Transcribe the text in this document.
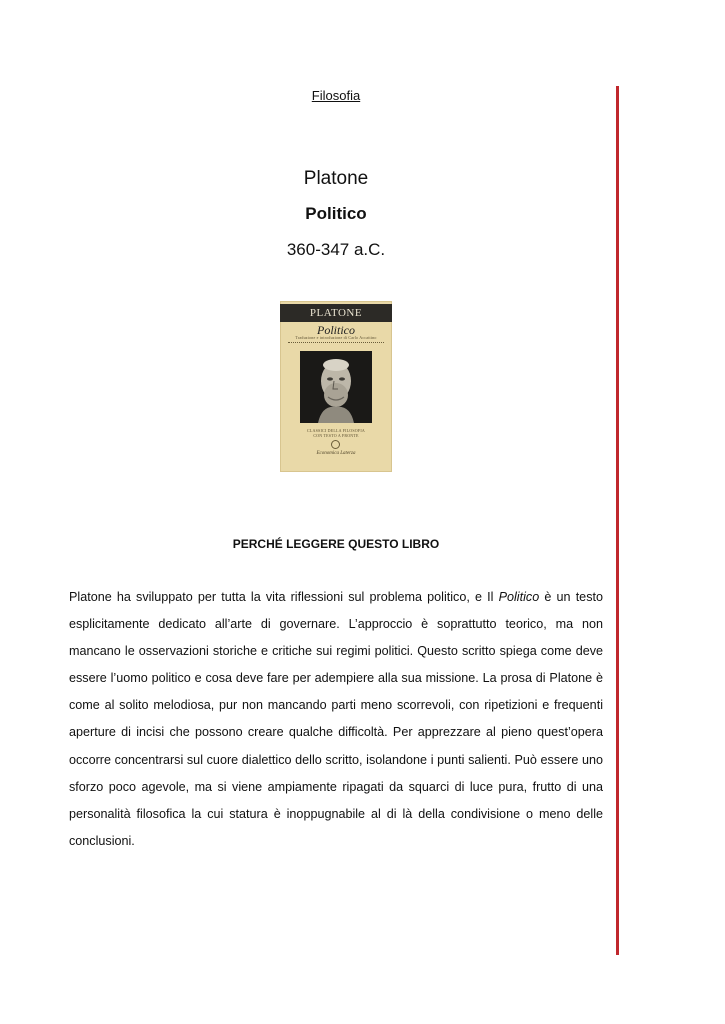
Filosofia
Platone
Politico
360-347 a.C.
PLATONE
Politico
Traduzione e introduzione di Carlo Accattino
CLASSICI DELLA FILOSOFIA
CON TESTO A FRONTE
Economica Laterza
PERCHÉ LEGGERE QUESTO LIBRO

Platone ha sviluppato per tutta la vita riflessioni sul problema politico, e Il Politico è un testo esplicitamente dedicato all’arte di governare. L’approccio è soprattutto teorico, ma non mancano le osservazioni storiche e critiche sui regimi politici. Questo scritto spiega come deve essere l’uomo politico e cosa deve fare per adempiere alla sua missione. La prosa di Platone è come al solito melodiosa, pur non mancando parti meno scorrevoli, con ripetizioni e frequenti aperture di incisi che possono creare qualche difficoltà. Per apprezzare al pieno quest’opera occorre concentrarsi sul cuore dialettico dello scritto, isolandone i punti salienti. Può essere uno sforzo poco agevole, ma si viene ampiamente ripagati da squarci di luce pura, frutto di una personalità filosofica la cui statura è inoppugnabile al di là della condivisione o meno delle conclusioni.
